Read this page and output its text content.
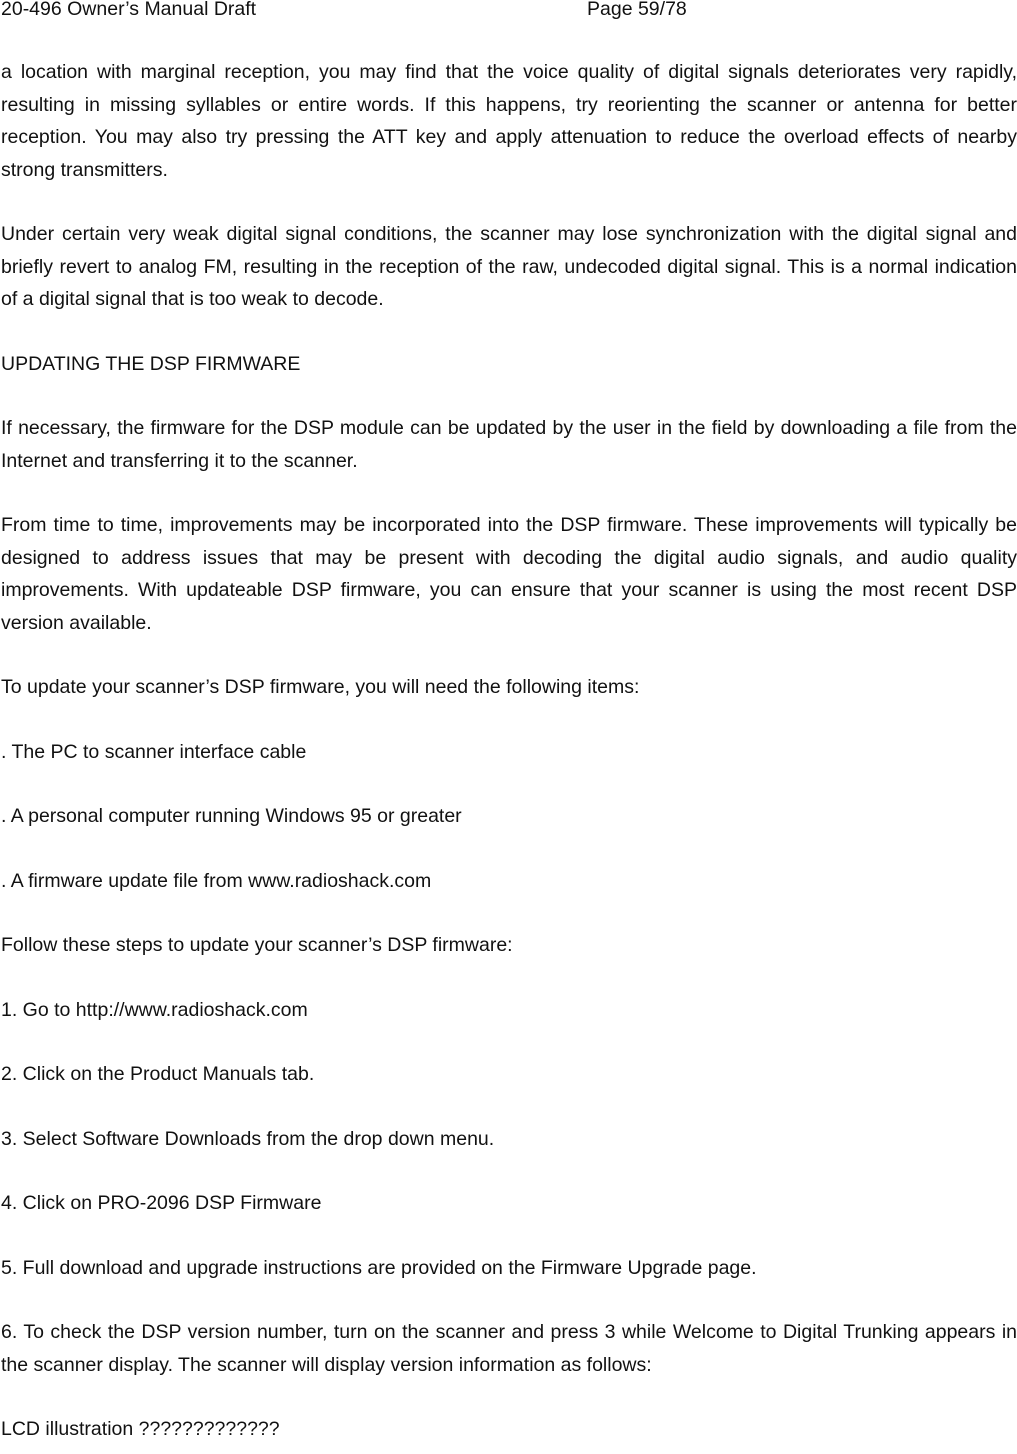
20-496 Owner’s Manual Draft	Page 59/78

a location with marginal reception, you may find that the voice quality of digital signals deteriorates very rapidly, resulting in missing syllables or entire words. If this happens, try reorienting the scanner or antenna for better reception. You may also try pressing the ATT key and apply attenuation to reduce the overload effects of nearby strong transmitters.

Under certain very weak digital signal conditions, the scanner may lose synchronization with the digital signal and briefly revert to analog FM, resulting in the reception of the raw, undecoded digital signal. This is a normal indication of a digital signal that is too weak to decode.

UPDATING THE DSP FIRMWARE

If necessary, the firmware for the DSP module can be updated by the user in the field by downloading a file from the Internet and transferring it to the scanner.

From time to time, improvements may be incorporated into the DSP firmware. These improvements will typically be designed to address issues that may be present with decoding the digital audio signals, and audio quality improvements. With updateable DSP firmware, you can ensure that your scanner is using the most recent DSP version available.

To update your scanner’s DSP firmware, you will need the following items:

. The PC to scanner interface cable

. A personal computer running Windows 95 or greater

. A firmware update file from www.radioshack.com

Follow these steps to update your scanner’s DSP firmware:

1. Go to http://www.radioshack.com

2. Click on the Product Manuals tab.

3. Select Software Downloads from the drop down menu.

4. Click on PRO-2096 DSP Firmware

5. Full download and upgrade instructions are provided on the Firmware Upgrade page.

6. To check the DSP version number, turn on the scanner and press 3 while Welcome to Digital Trunking appears in the scanner display. The scanner will display version information as follows:

LCD illustration ?????????????
